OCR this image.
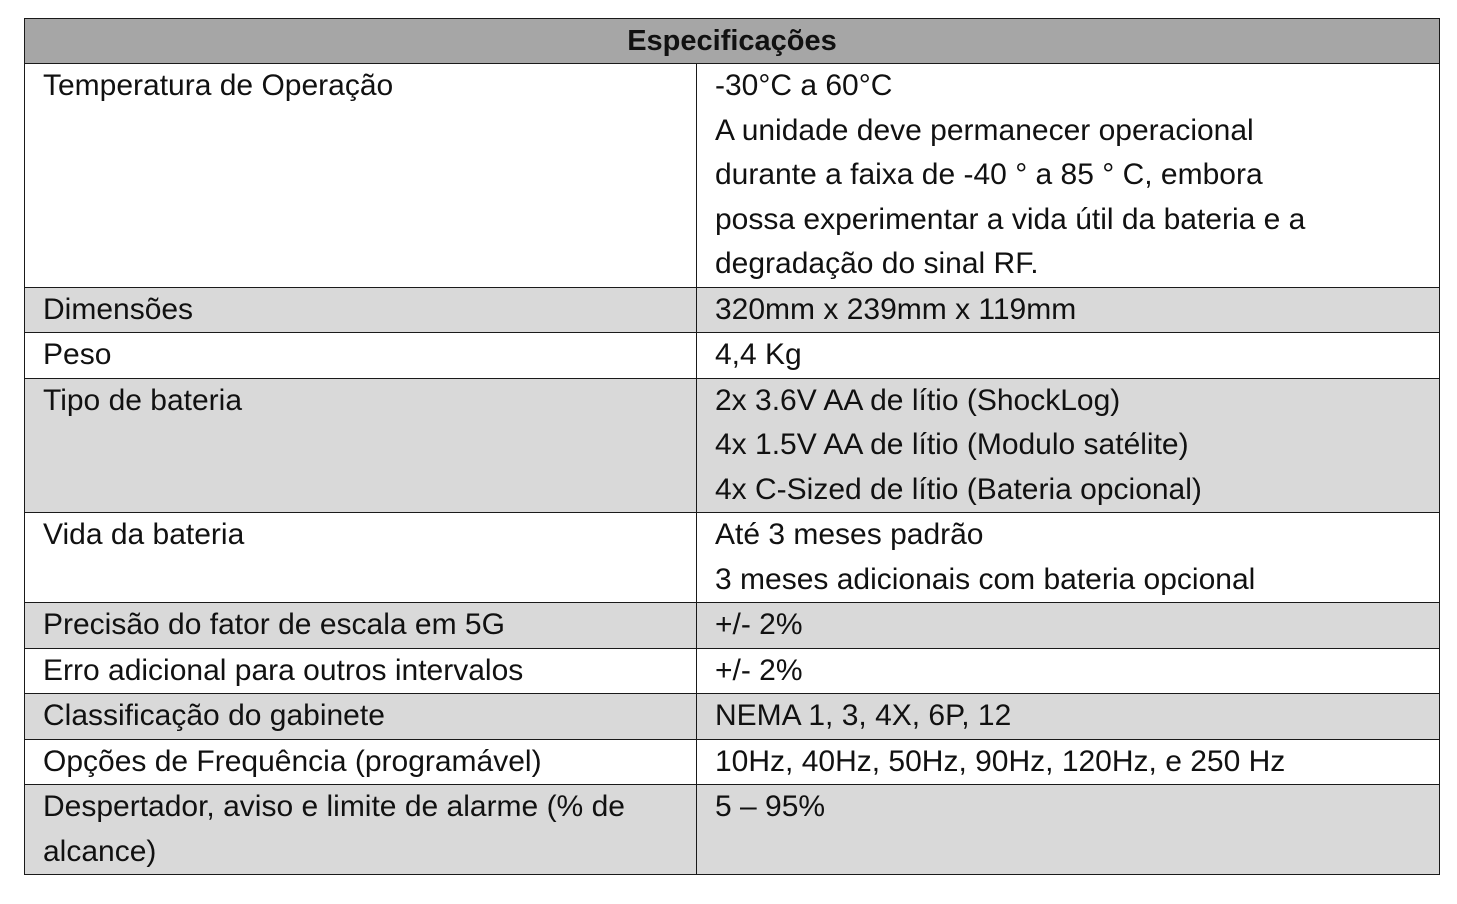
Especificações	
Temperatura de Operação	-30°C a 60°C
A unidade deve permanecer operacional
durante a faixa de -40 ° a 85 ° C, embora
possa experimentar a vida útil da bateria e a
degradação do sinal RF.

Dimensões	320mm x 239mm x 119mm
Peso	4,4 Kg
Tipo de bateria	2x 3.6V AA de lítio (ShockLog)
4x 1.5V AA de lítio (Modulo satélite)
4x C-Sized de lítio (Bateria opcional)

Vida da bateria	Até 3 meses padrão
3 meses adicionais com bateria opcional

Precisão do fator de escala em 5G	+/- 2%
Erro adicional para outros intervalos	+/- 2%
Classificação do gabinete	NEMA 1, 3, 4X, 6P, 12
Opções de Frequência (programável)	10Hz, 40Hz, 50Hz, 90Hz, 120Hz, e 250 Hz

Despertador, aviso e limite de alarme (% de
alcance)	5 – 95%
